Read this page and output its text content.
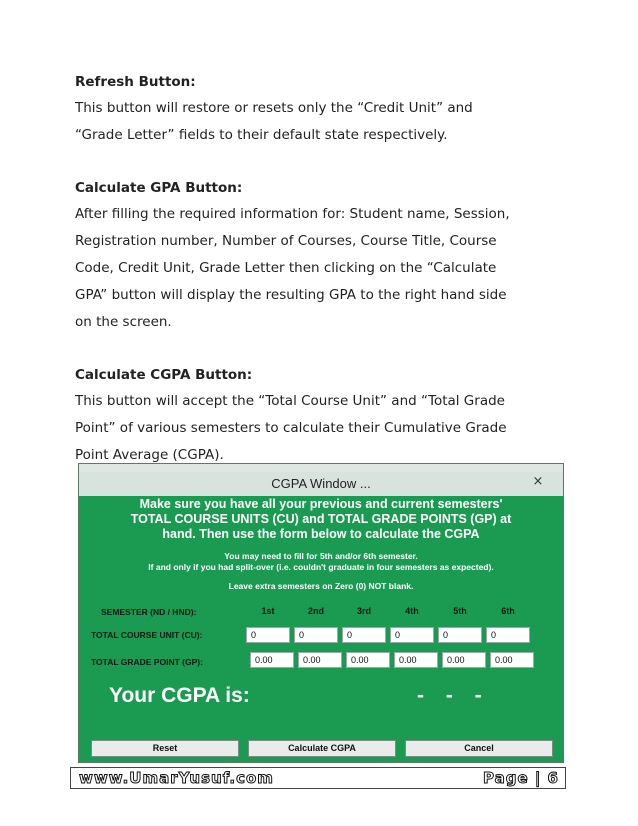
Refresh Button:

This button will restore or resets only the “Credit Unit” and

“Grade Letter” fields to their default state respectively.

Calculate GPA Button:

After filling the required information for: Student name, Session,

Registration number, Number of Courses, Course Title, Course

Code, Credit Unit, Grade Letter then clicking on the “Calculate

GPA” button will display the resulting GPA to the right hand side

on the screen.

Calculate CGPA Button:

This button will accept the “Total Course Unit” and “Total Grade

Point” of various semesters to calculate their Cumulative Grade

Point Average (CGPA).

CGPA Window ...	×
Make sure you have all your previous and current semesters'
TOTAL COURSE UNITS (CU) and TOTAL GRADE POINTS (GP) at
hand. Then use the form below to calculate the CGPA
You may need to fill for 5th and/or 6th semester.
If and only if you had split-over (i.e. couldn't graduate in four semesters as expected).
Leave extra semesters on Zero (0) NOT blank.
SEMESTER (ND / HND):	1st	2nd	3rd	4th	5th	6th
TOTAL COURSE UNIT (CU):	0	0	0	0	0	0
TOTAL GRADE POINT (GP):	0.00	0.00	0.00	0.00	0.00	0.00
Your CGPA is:	- - -
Reset	Calculate CGPA	Cancel
www.UmarYusuf.com	Page | 6
